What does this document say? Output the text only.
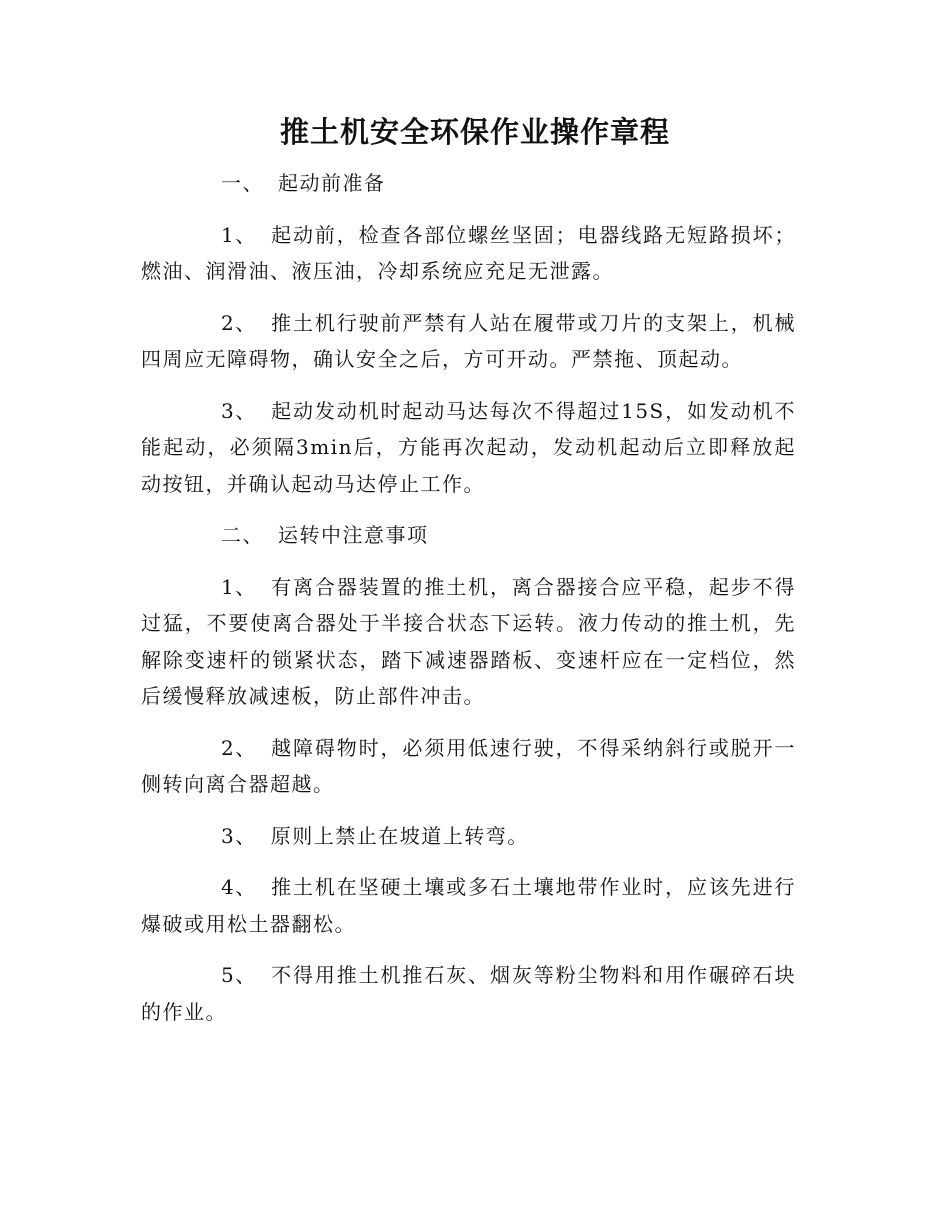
推土机安全环保作业操作章程

一、 起动前准备

1、 起动前，检查各部位螺丝坚固；电器线路无短路损坏；燃油、润滑油、液压油，冷却系统应充足无泄露。

2、 推土机行驶前严禁有人站在履带或刀片的支架上，机械四周应无障碍物，确认安全之后，方可开动。严禁拖、顶起动。

3、 起动发动机时起动马达每次不得超过15S，如发动机不能起动，必须隔3min后，方能再次起动，发动机起动后立即释放起动按钮，并确认起动马达停止工作。

二、 运转中注意事项

1、 有离合器装置的推土机，离合器接合应平稳，起步不得过猛，不要使离合器处于半接合状态下运转。液力传动的推土机，先解除变速杆的锁紧状态，踏下减速器踏板、变速杆应在一定档位，然后缓慢释放减速板，防止部件冲击。

2、 越障碍物时，必须用低速行驶，不得采纳斜行或脱开一侧转向离合器超越。

3、 原则上禁止在坡道上转弯。

4、 推土机在坚硬土壤或多石土壤地带作业时，应该先进行爆破或用松土器翻松。

5、 不得用推土机推石灰、烟灰等粉尘物料和用作碾碎石块的作业。
